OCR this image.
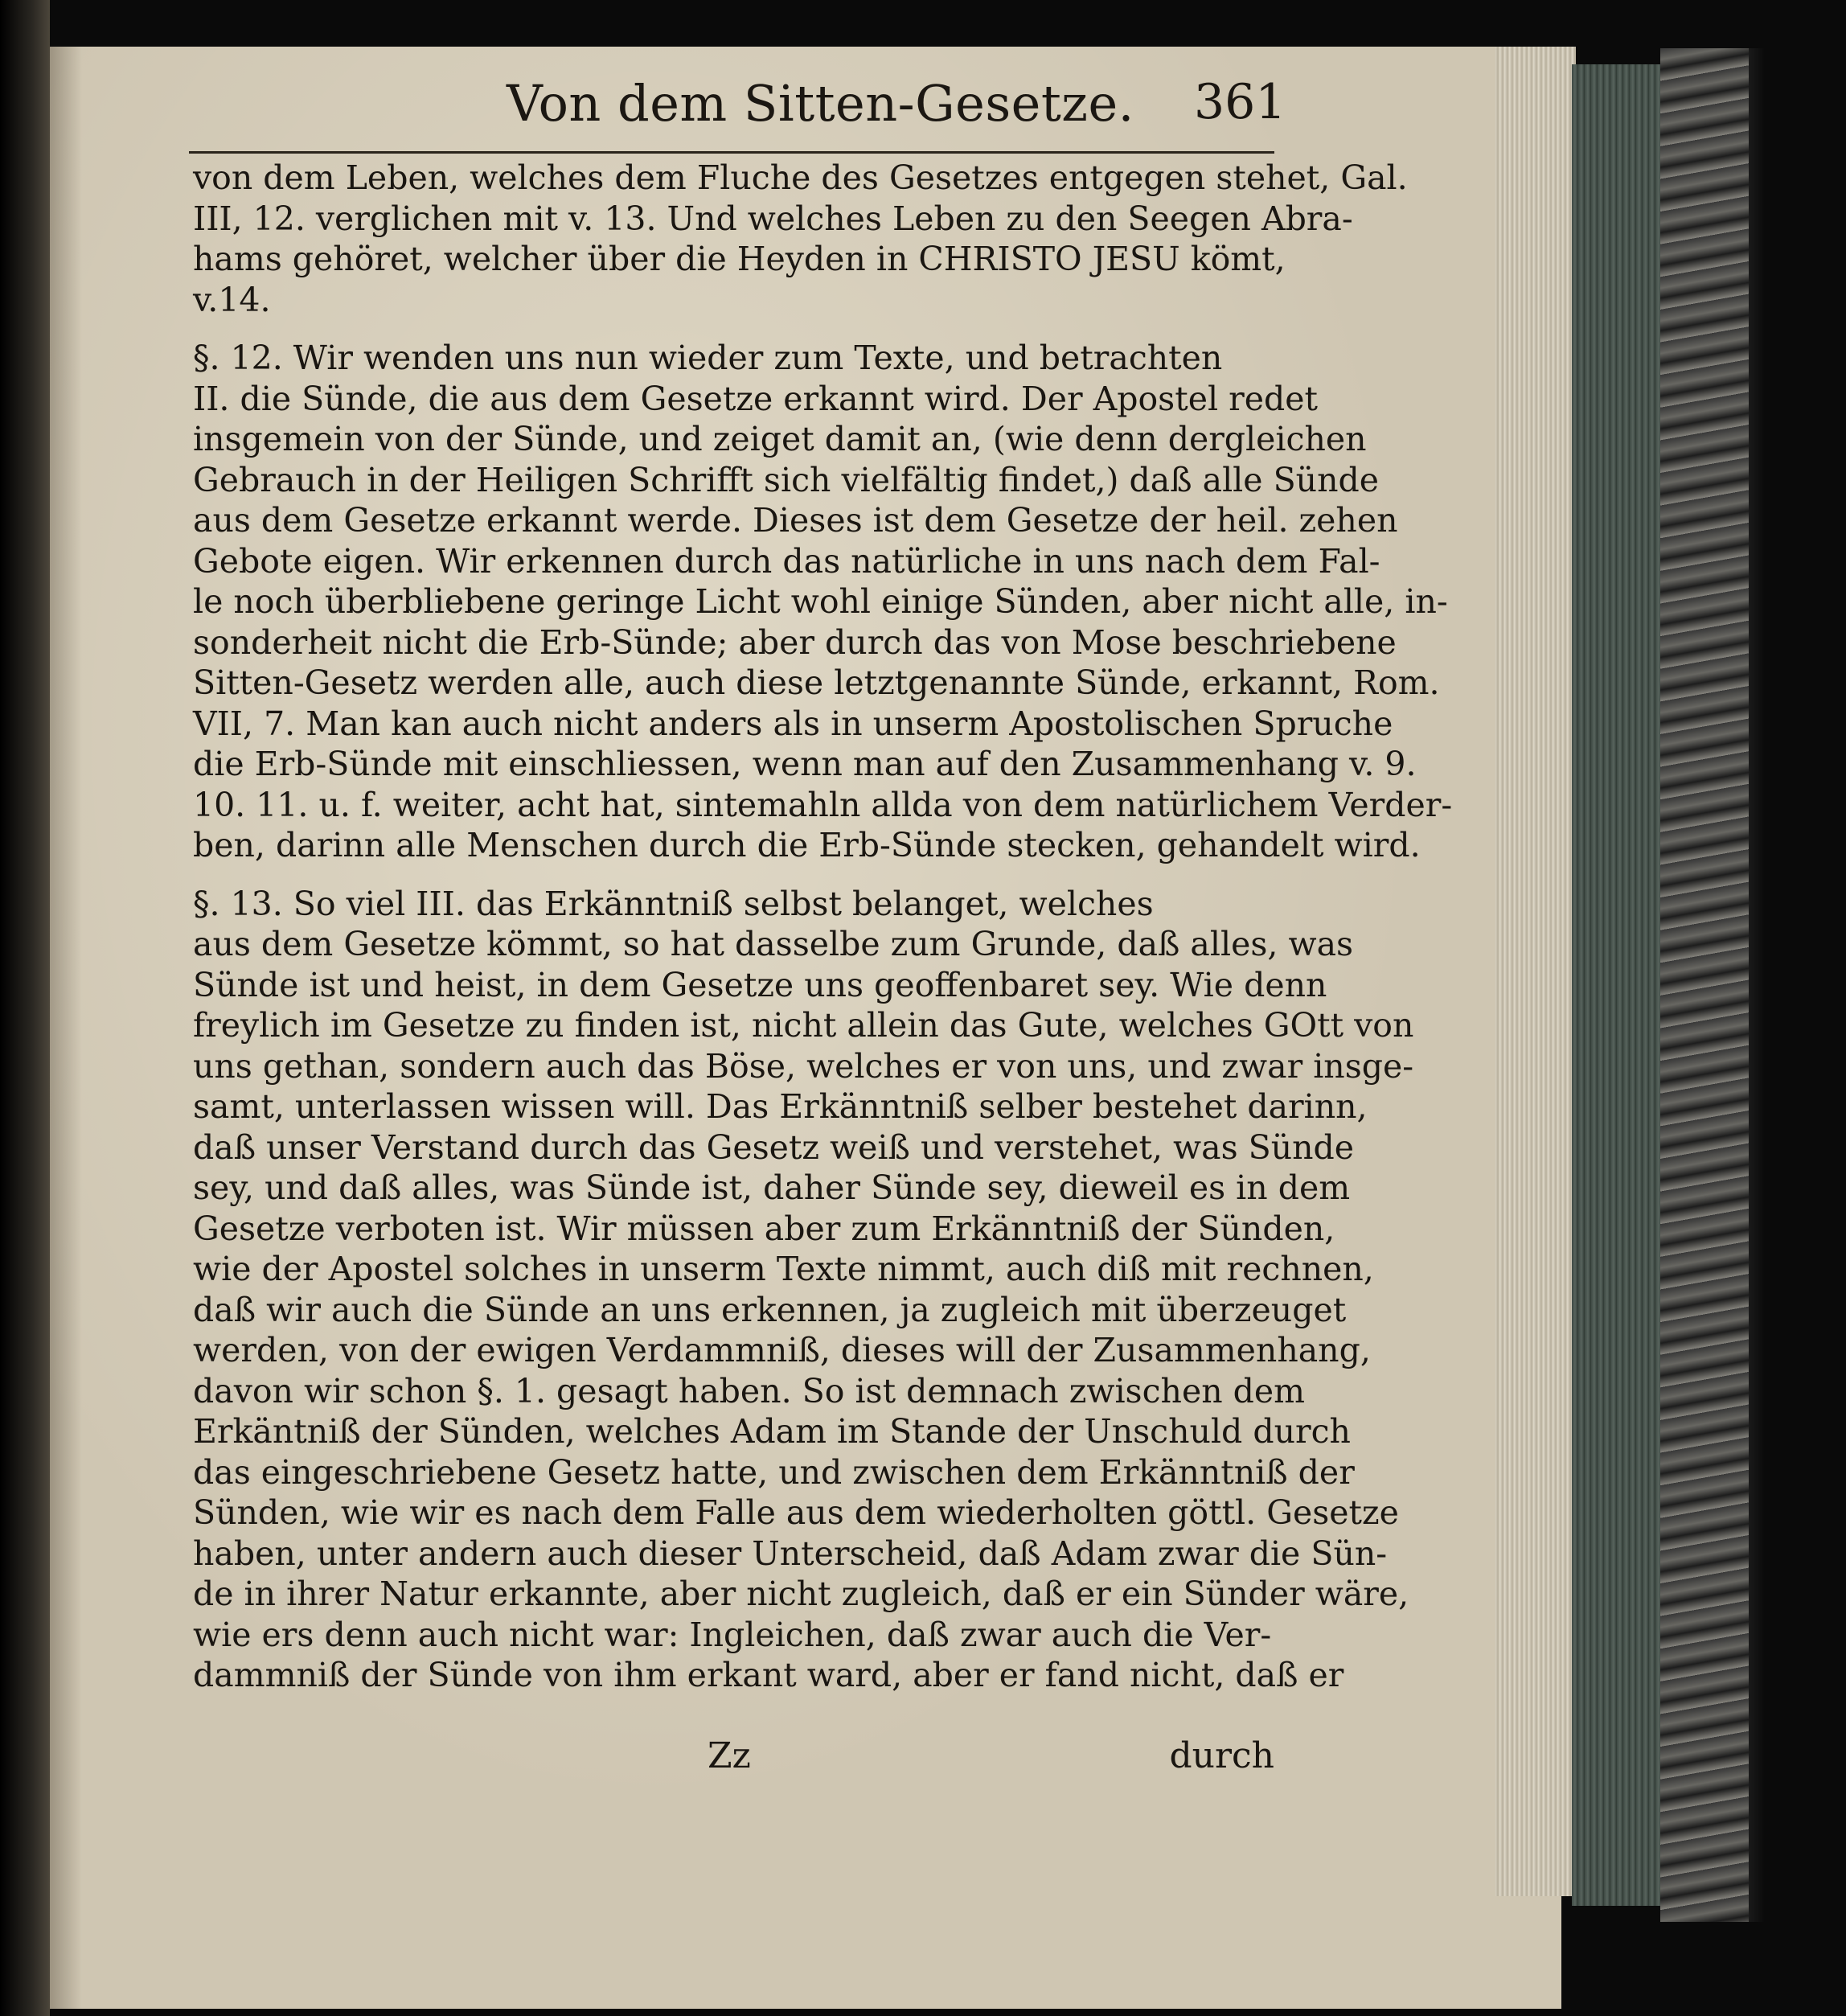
Von dem Sitten-Gesetze. 361
von dem Leben, welches dem Fluche des Gesetzes entgegen stehet, Gal.
III, 12. verglichen mit v. 13. Und welches Leben zu den Seegen Abra-
hams gehöret, welcher über die Heyden in CHRISTO JESU kömt,
v.14.
§. 12. Wir wenden uns nun wieder zum Texte, und betrachten
II. die Sünde, die aus dem Gesetze erkannt wird. Der Apostel redet
insgemein von der Sünde, und zeiget damit an, (wie denn dergleichen
Gebrauch in der Heiligen Schrifft sich vielfältig findet,) daß alle Sünde
aus dem Gesetze erkannt werde. Dieses ist dem Gesetze der heil. zehen
Gebote eigen. Wir erkennen durch das natürliche in uns nach dem Fal-
le noch überbliebene geringe Licht wohl einige Sünden, aber nicht alle, in-
sonderheit nicht die Erb-Sünde; aber durch das von Mose beschriebene
Sitten-Gesetz werden alle, auch diese letztgenannte Sünde, erkannt, Rom.
VII, 7. Man kan auch nicht anders als in unserm Apostolischen Spruche
die Erb-Sünde mit einschliessen, wenn man auf den Zusammenhang v. 9.
10. 11. u. f. weiter, acht hat, sintemahln allda von dem natürlichem Verder-
ben, darinn alle Menschen durch die Erb-Sünde stecken, gehandelt wird.
§. 13. So viel III. das Erkänntniß selbst belanget, welches
aus dem Gesetze kömmt, so hat dasselbe zum Grunde, daß alles, was
Sünde ist und heist, in dem Gesetze uns geoffenbaret sey. Wie denn
freylich im Gesetze zu finden ist, nicht allein das Gute, welches GOtt von
uns gethan, sondern auch das Böse, welches er von uns, und zwar insge-
samt, unterlassen wissen will. Das Erkänntniß selber bestehet darinn,
daß unser Verstand durch das Gesetz weiß und verstehet, was Sünde
sey, und daß alles, was Sünde ist, daher Sünde sey, dieweil es in dem
Gesetze verboten ist. Wir müssen aber zum Erkänntniß der Sünden,
wie der Apostel solches in unserm Texte nimmt, auch diß mit rechnen,
daß wir auch die Sünde an uns erkennen, ja zugleich mit überzeuget
werden, von der ewigen Verdammniß, dieses will der Zusammenhang,
davon wir schon §. 1. gesagt haben. So ist demnach zwischen dem
Erkäntniß der Sünden, welches Adam im Stande der Unschuld durch
das eingeschriebene Gesetz hatte, und zwischen dem Erkänntniß der
Sünden, wie wir es nach dem Falle aus dem wiederholten göttl. Gesetze
haben, unter andern auch dieser Unterscheid, daß Adam zwar die Sün-
de in ihrer Natur erkannte, aber nicht zugleich, daß er ein Sünder wäre,
wie ers denn auch nicht war: Ingleichen, daß zwar auch die Ver-
dammniß der Sünde von ihm erkant ward, aber er fand nicht, daß er
Zz	durch
